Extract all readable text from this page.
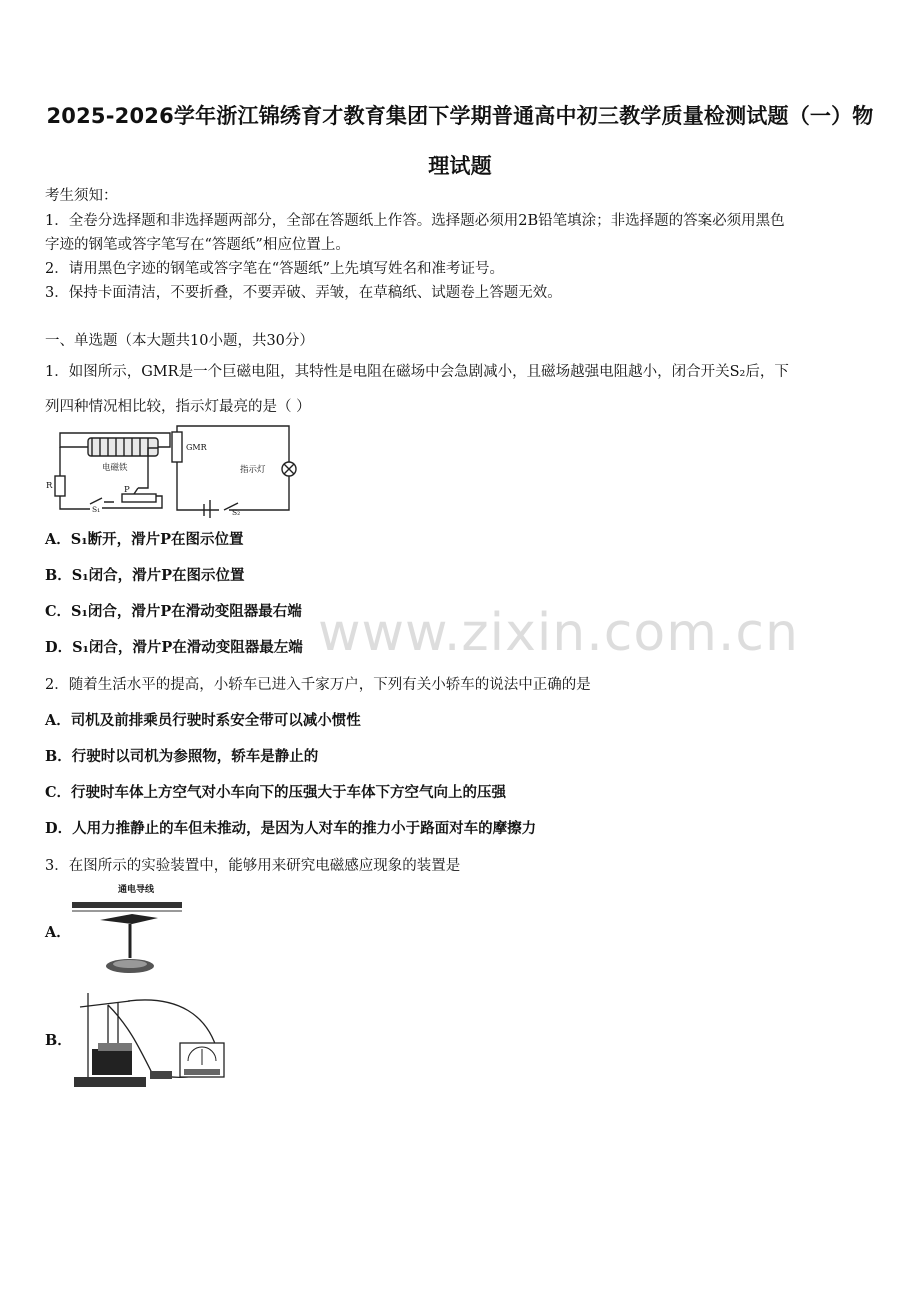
2025-2026学年浙江锦绣育才教育集团下学期普通高中初三教学质量检测试题（一）物
理试题
考生须知：
1．全卷分选择题和非选择题两部分，全部在答题纸上作答。选择题必须用2B铅笔填涂；非选择题的答案必须用黑色
字迹的钢笔或答字笔写在“答题纸”相应位置上。
2．请用黑色字迹的钢笔或答字笔在“答题纸”上先填写姓名和准考证号。
3．保持卡面清洁，不要折叠，不要弄破、弄皱，在草稿纸、试题卷上答题无效。
一、单选题（本大题共10小题，共30分）
1．如图所示，GMR是一个巨磁电阻，其特性是电阻在磁场中会急剧减小，且磁场越强电阻越小，闭合开关S₂后，下
列四种情况相比较，指示灯最亮的是（ ）
电磁铁
GMR
指示灯
R	P
S₁	S₂
A．S₁断开，滑片P在图示位置
B．S₁闭合，滑片P在图示位置
C．S₁闭合，滑片P在滑动变阻器最右端
D．S₁闭合，滑片P在滑动变阻器最左端
2．随着生活水平的提高，小轿车已进入千家万户，下列有关小轿车的说法中正确的是
A．司机及前排乘员行驶时系安全带可以减小惯性
B．行驶时以司机为参照物，轿车是静止的
C．行驶时车体上方空气对小车向下的压强大于车体下方空气向上的压强
D．人用力推静止的车但未推动，是因为人对车的推力小于路面对车的摩擦力
3．在图所示的实验装置中，能够用来研究电磁感应现象的装置是
A．
通电导线
B．
www.zixin.com.cn
